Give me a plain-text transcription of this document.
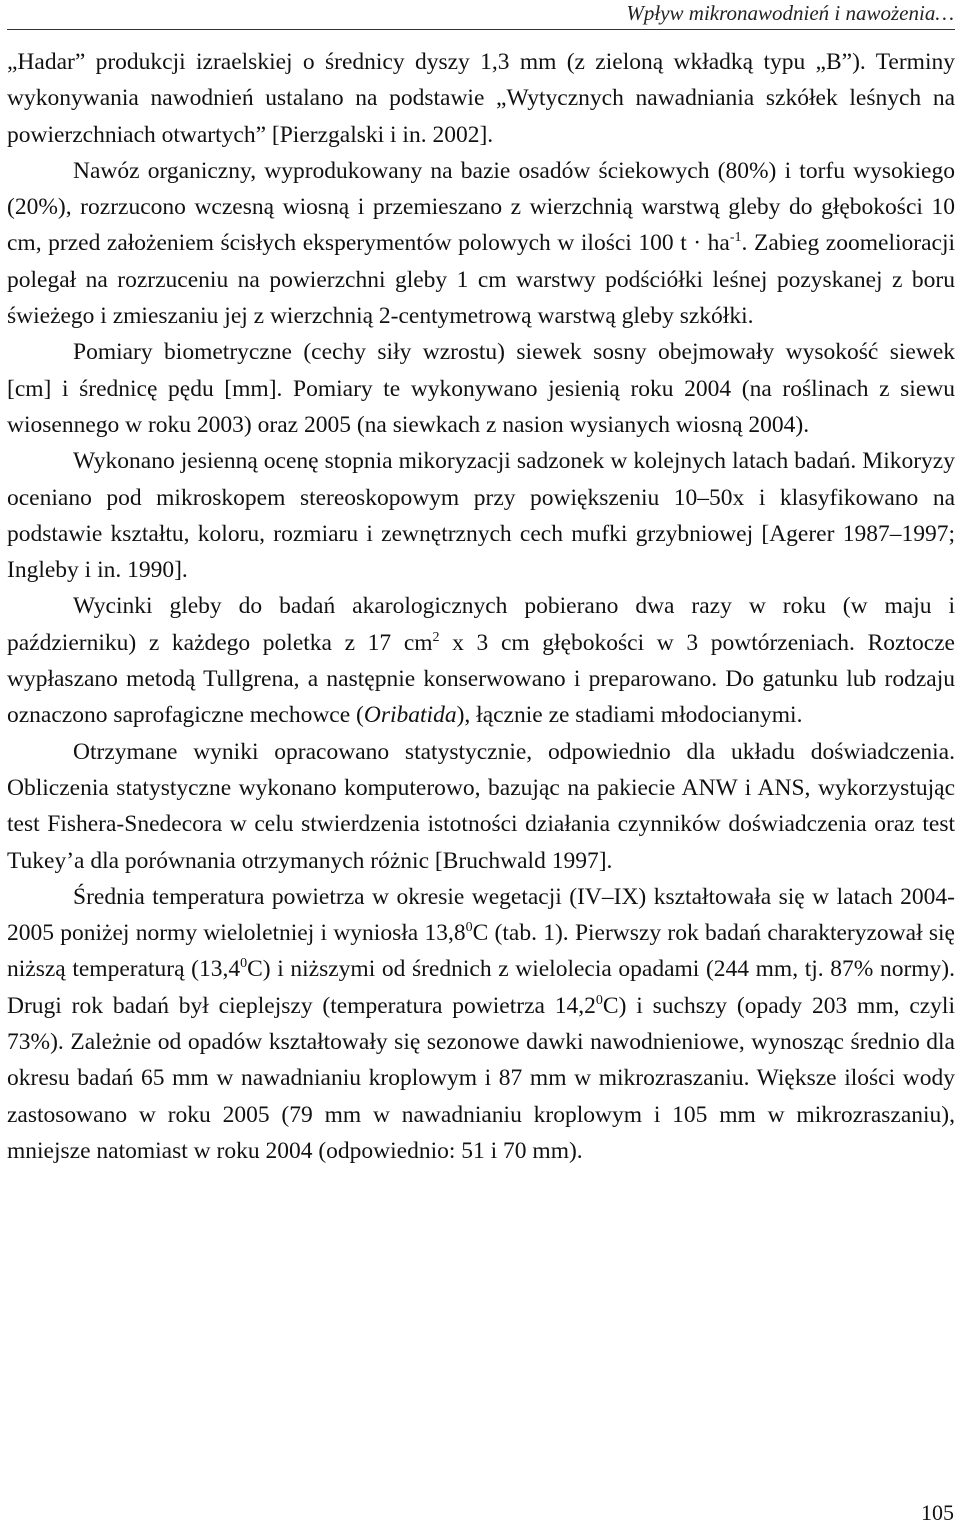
Wpływ mikronawodnień i nawożenia…

„Hadar” produkcji izraelskiej o średnicy dyszy 1,3 mm (z zieloną wkładką typu „B”). Terminy wykonywania nawodnień ustalano na podstawie „Wytycznych nawadniania szkółek leśnych na powierzchniach otwartych” [Pierzgalski i in. 2002].

Nawóz organiczny, wyprodukowany na bazie osadów ściekowych (80%) i torfu wysokiego (20%), rozrzucono wczesną wiosną i przemieszano z wierzchnią warstwą gleby do głębokości 10 cm, przed założeniem ścisłych eksperymentów polowych w ilości 100 $t \cdot ha^{-1}$. Zabieg zoomelioracji polegał na rozrzuceniu na powierzchni gleby 1 cm warstwy podściółki leśnej pozyskanej z boru świeżego i zmieszaniu jej z wierzchnią 2-centymetrową warstwą gleby szkółki.

Pomiary biometryczne (cechy siły wzrostu) siewek sosny obejmowały wysokość siewek [cm] i średnicę pędu [mm]. Pomiary te wykonywano jesienią roku 2004 (na roślinach z siewu wiosennego w roku 2003) oraz 2005 (na siewkach z nasion wysianych wiosną 2004).

Wykonano jesienną ocenę stopnia mikoryzacji sadzonek w kolejnych latach badań. Mikoryzy oceniano pod mikroskopem stereoskopowym przy powiększeniu 10–50x i klasyfikowano na podstawie kształtu, koloru, rozmiaru i zewnętrznych cech mufki grzybniowej [Agerer 1987–1997; Ingleby i in. 1990].

Wycinki gleby do badań akarologicznych pobierano dwa razy w roku (w maju i październiku) z każdego poletka z 17 $cm^2$ x 3 cm głębokości w 3 powtórzeniach. Roztocze wypłaszano metodą Tullgrena, a następnie konserwowano i preparowano. Do gatunku lub rodzaju oznaczono saprofagiczne mechowce (Oribatida), łącznie ze stadiami młodocianymi.

Otrzymane wyniki opracowano statystycznie, odpowiednio dla układu doświadczenia. Obliczenia statystyczne wykonano komputerowo, bazując na pakiecie ANW i ANS, wykorzystując test Fishera-Snedecora w celu stwierdzenia istotności działania czynników doświadczenia oraz test Tukey’a dla porównania otrzymanych różnic [Bruchwald 1997].

Średnia temperatura powietrza w okresie wegetacji (IV–IX) kształtowała się w latach 2004-2005 poniżej normy wieloletniej i wyniosła 13,8$^0$C (tab. 1). Pierwszy rok badań charakteryzował się niższą temperaturą (13,4$^0$C) i niższymi od średnich z wielolecia opadami (244 mm, tj. 87% normy). Drugi rok badań był cieplejszy (temperatura powietrza 14,2$^0$C) i suchszy (opady 203 mm, czyli 73%). Zależnie od opadów kształtowały się sezonowe dawki nawodnieniowe, wynosząc średnio dla okresu badań 65 mm w nawadnianiu kroplowym i 87 mm w mikrozraszaniu. Większe ilości wody zastosowano w roku 2005 (79 mm w nawadnianiu kroplowym i 105 mm w mikrozraszaniu), mniejsze natomiast w roku 2004 (odpowiednio: 51 i 70 mm).

105
